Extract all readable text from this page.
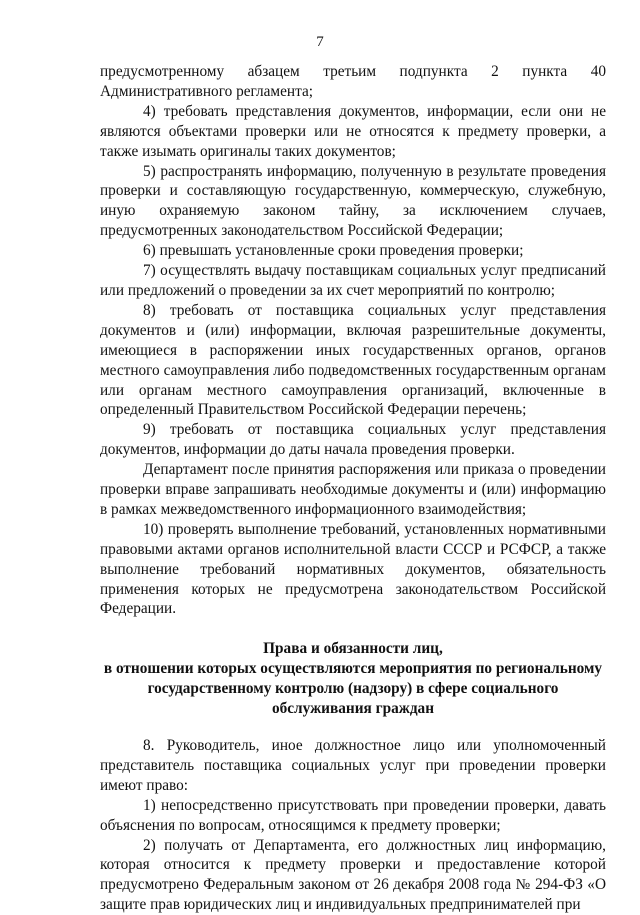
7

предусмотренному абзацем третьим подпункта 2 пункта 40 Административного регламента;

4) требовать представления документов, информации, если они не являются объектами проверки или не относятся к предмету проверки, а также изымать оригиналы таких документов;

5) распространять информацию, полученную в результате проведения проверки и составляющую государственную, коммерческую, служебную, иную охраняемую законом тайну, за исключением случаев, предусмотренных законодательством Российской Федерации;

6) превышать установленные сроки проведения проверки;

7) осуществлять выдачу поставщикам социальных услуг предписаний или предложений о проведении за их счет мероприятий по контролю;

8) требовать от поставщика социальных услуг представления документов и (или) информации, включая разрешительные документы, имеющиеся в распоряжении иных государственных органов, органов местного самоуправления либо подведомственных государственным органам или органам местного самоуправления организаций, включенные в определенный Правительством Российской Федерации перечень;

9) требовать от поставщика социальных услуг представления документов, информации до даты начала проведения проверки.

Департамент после принятия распоряжения или приказа о проведении проверки вправе запрашивать необходимые документы и (или) информацию в рамках межведомственного информационного взаимодействия;

10) проверять выполнение требований, установленных нормативными правовыми актами органов исполнительной власти СССР и РСФСР, а также выполнение требований нормативных документов, обязательность применения которых не предусмотрена законодательством Российской Федерации.

Права и обязанности лиц,
в отношении которых осуществляются мероприятия по региональному
государственному контролю (надзору) в сфере социального
обслуживания граждан

8. Руководитель, иное должностное лицо или уполномоченный представитель поставщика социальных услуг при проведении проверки имеют право:

1) непосредственно присутствовать при проведении проверки, давать объяснения по вопросам, относящимся к предмету проверки;

2) получать от Департамента, его должностных лиц информацию, которая относится к предмету проверки и предоставление которой предусмотрено Федеральным законом от 26 декабря 2008 года № 294-ФЗ «О защите прав юридических лиц и индивидуальных предпринимателей при
